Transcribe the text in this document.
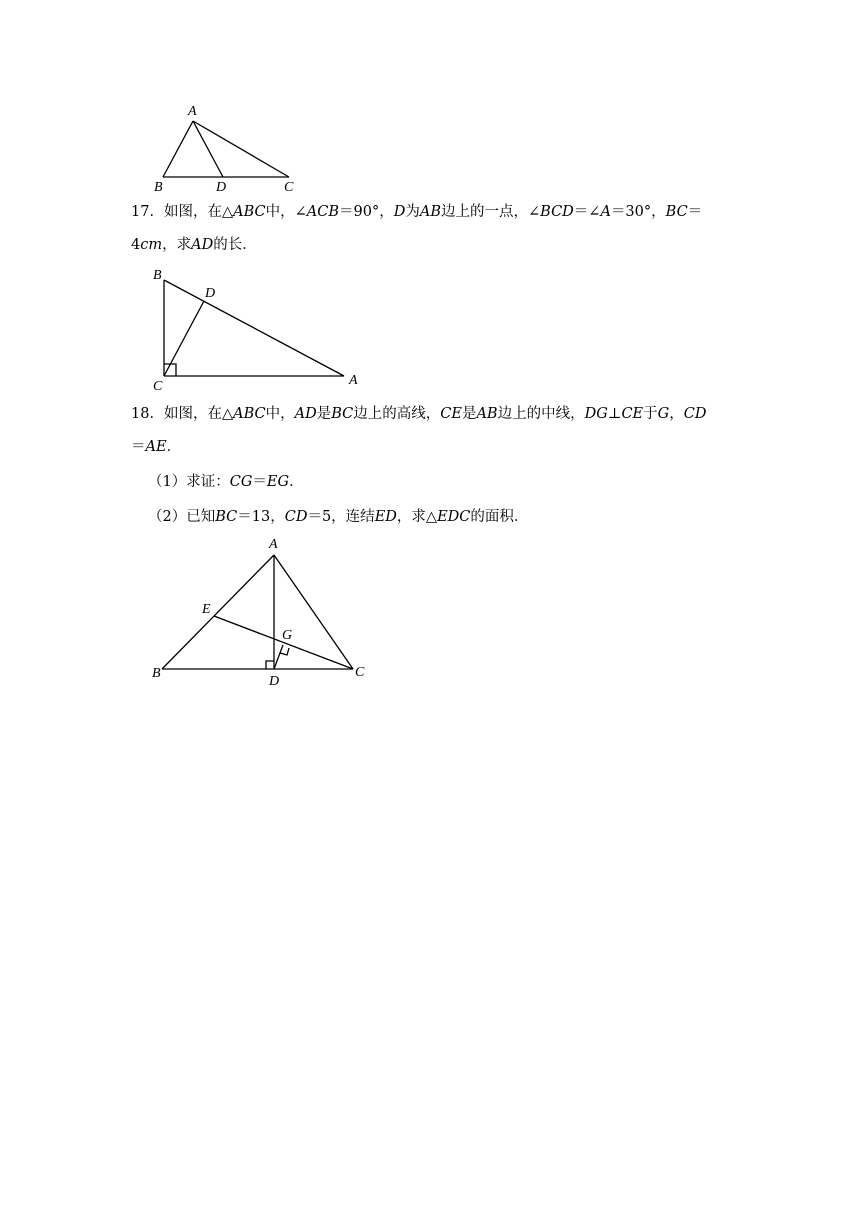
A
B	D	C
17．如图，在△ABC中，∠ACB＝90°，D为AB边上的一点，∠BCD＝∠A＝30°，BC＝
4cm，求AD的长．
B
D
C	A
18．如图，在△ABC中，AD是BC边上的高线，CE是AB边上的中线，DG⊥CE于G，CD
＝AE．
（1）求证：CG＝EG．
（2）已知BC＝13，CD＝5，连结ED，求△EDC的面积．
A
E
G
B
D
C
